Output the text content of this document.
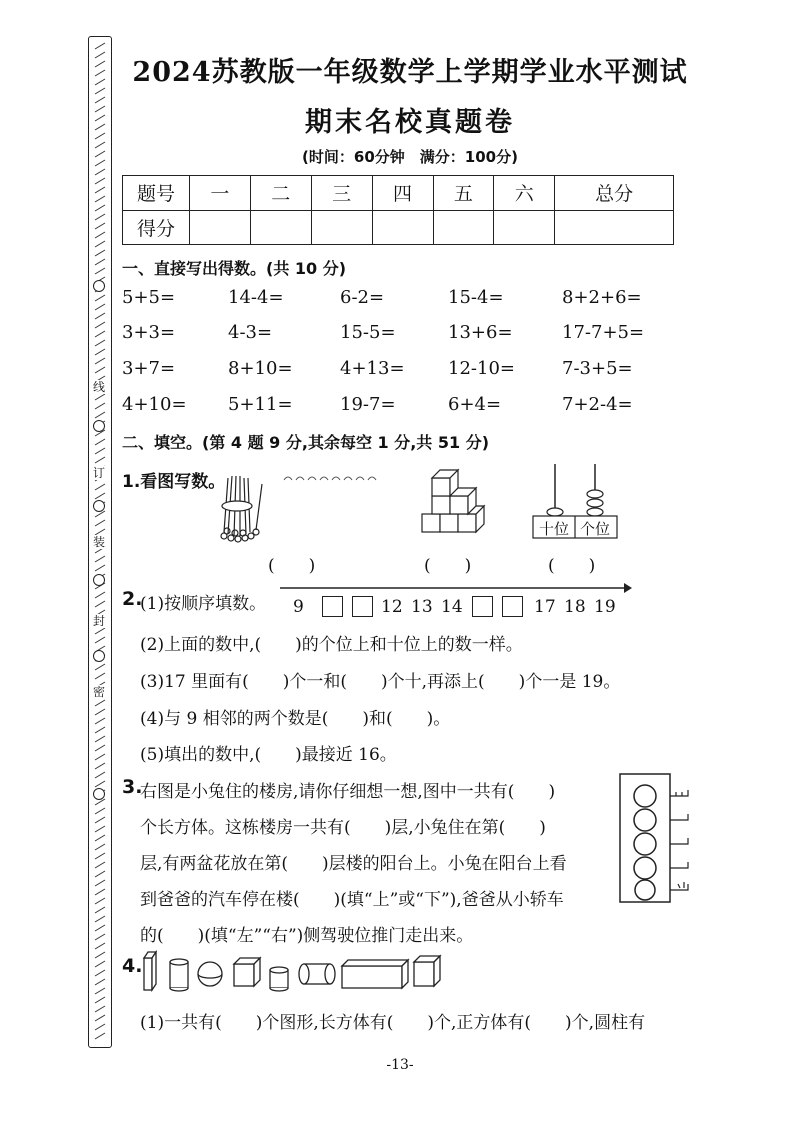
线
订
装
封
密
2024苏教版一年级数学上学期学业水平测试
期末名校真题卷
(时间：60分钟　满分：100分)
题号	一	二	三	四	五	六	总分
得分							
一、直接写出得数。(共 10 分)
5+5=	14-4=	6-2=	15-4=	8+2+6=
3+3=	4-3=	15-5=	13+6=	17-7+5=
3+7=	8+10=	4+13= 12-10=	7-3+5=
4+10= 5+11=	19-7=	6+4=	7+2-4=
二、填空。(第 4 题 9 分,其余每空 1 分,共 51 分)
1.看图写数。
(　　)	(　　)
十位 个位
(　　)
2.
(1)按顺序填数。 9	12 13 14	17 18 19
(2)上面的数中,(　　)的个位上和十位上的数一样。
(3)17 里面有(　　)个一和(　　)个十,再添上(　　)个一是 19。
(4)与 9 相邻的两个数是(　　)和(　　)。
(5)填出的数中,(　　)最接近 16。
3.
右图是小兔住的楼房,请你仔细想一想,图中一共有(　　)
个长方体。这栋楼房一共有(　　)层,小兔住在第(　　)
层,有两盆花放在第(　　)层楼的阳台上。小兔在阳台上看
到爸爸的汽车停在楼(　　)(填“上”或“下”),爸爸从小轿车
的(　　)(填“左”“右”)侧驾驶位推门走出来。
4.
(1)一共有(　　)个图形,长方体有(　　)个,正方体有(　　)个,圆柱有
-13-
